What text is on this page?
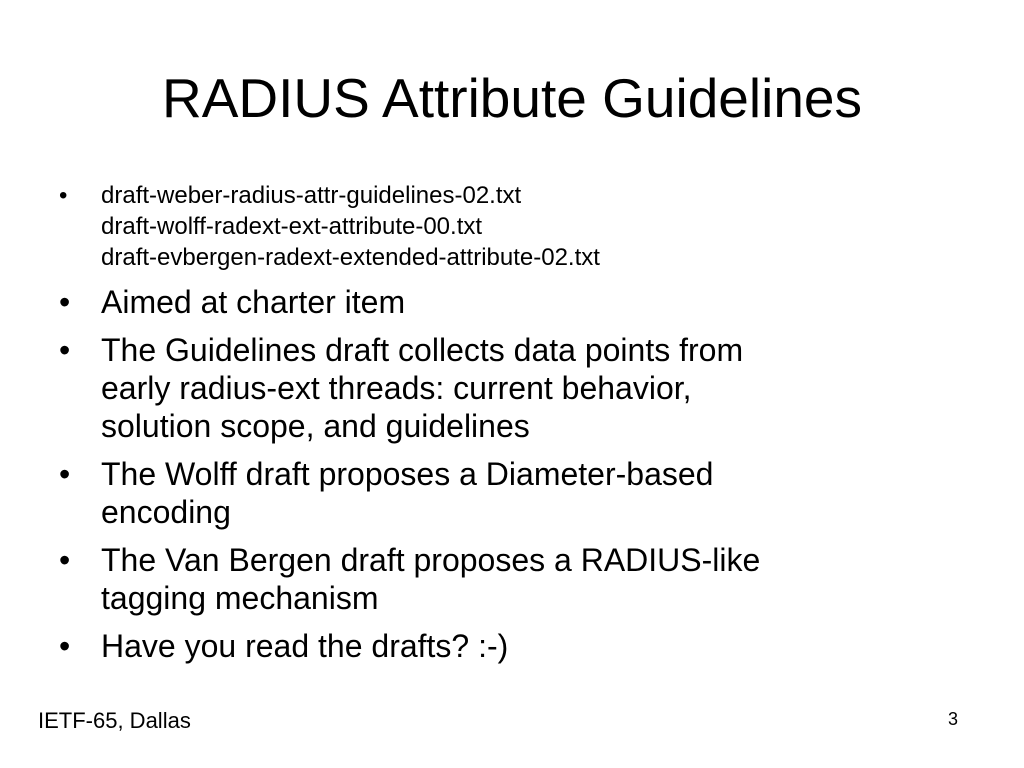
RADIUS Attribute Guidelines
• draft-weber-radius-attr-guidelines-02.txt
draft-wolff-radext-ext-attribute-00.txt
draft-evbergen-radext-extended-attribute-02.txt
• Aimed at charter item
• The Guidelines draft collects data points from
early radius-ext threads: current behavior,
solution scope, and guidelines
• The Wolff draft proposes a Diameter-based
encoding
• The Van Bergen draft proposes a RADIUS-like
tagging mechanism
• Have you read the drafts? :-)
IETF-65, Dallas	3
